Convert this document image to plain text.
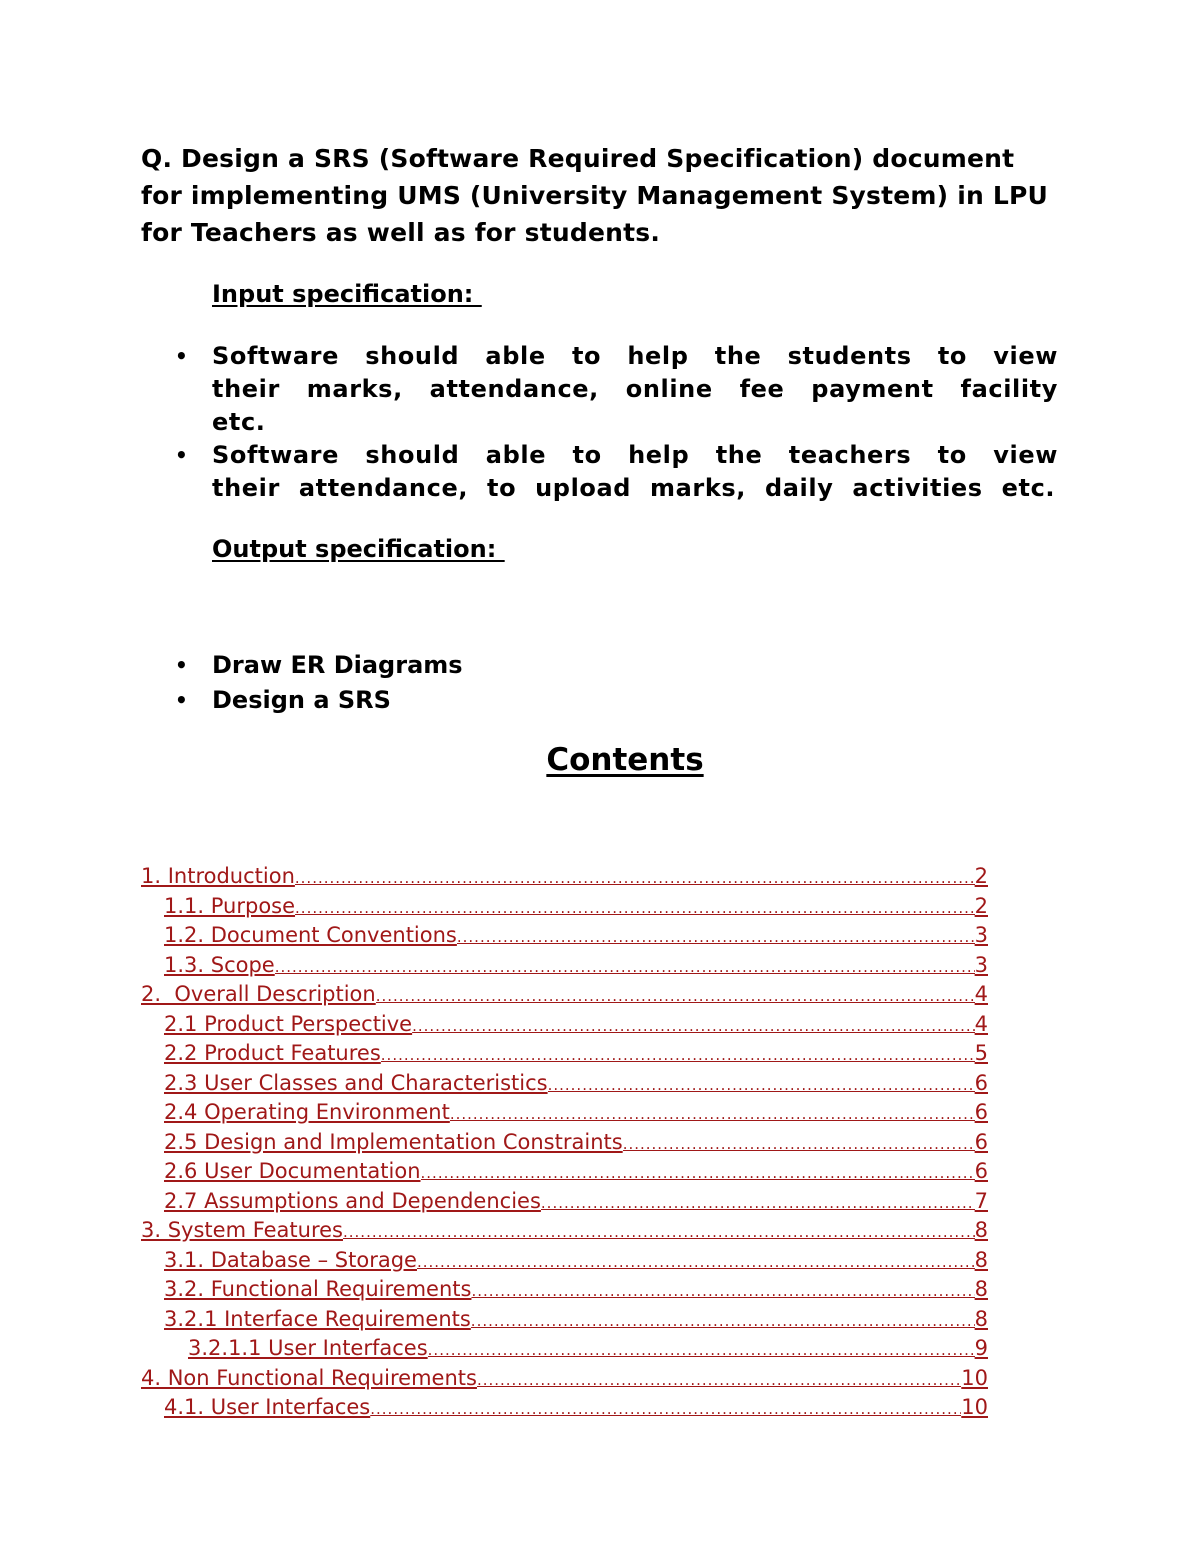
Q. Design a SRS (Software Required Specification) document for implementing UMS (University Management System) in LPU for Teachers as well as for students.
Input specification:
• Software should able to help the students to view their marks, attendance, online fee payment facility etc.
• Software should able to help the teachers to view their attendance, to upload marks, daily activities etc.
Output specification:
• Draw ER Diagrams
• Design a SRS
Contents
1. Introduction .....	2
1.1. Purpose .....	2
1.2. Document Conventions .....	3
1.3. Scope .....	3
2.  Overall Description .....	4
2.1 Product Perspective .....	4
2.2 Product Features .....	5
2.3 User Classes and Characteristics .....	6
2.4 Operating Environment .....	6
2.5 Design and Implementation Constraints .....	6
2.6 User Documentation .....	6
2.7 Assumptions and Dependencies .....	7
3. System Features .....	8
3.1. Database – Storage .....	8
3.2. Functional Requirements .....	8
3.2.1 Interface Requirements .....	8
3.2.1.1 User Interfaces .....	9
4. Non Functional Requirements .....	10
4.1. User Interfaces .....	10
